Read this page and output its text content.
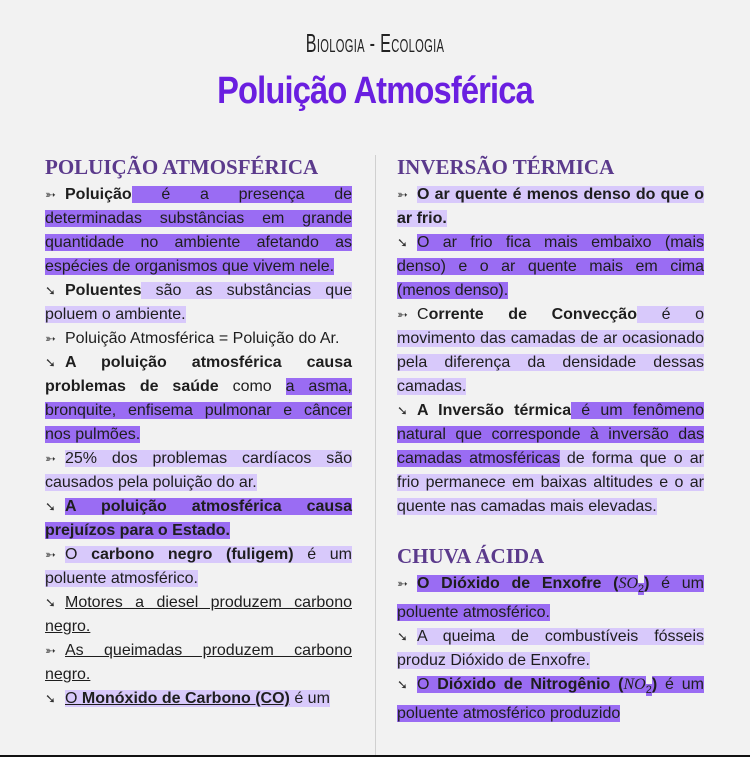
Biologia - Ecologia
Poluição Atmosférica
POLUIÇÃO ATMOSFÉRICA

➳ Poluição é a presença de determinadas substâncias em grande quantidade no ambiente afetando as espécies de organismos que vivem nele.

➘ Poluentes são as substâncias que poluem o ambiente.

➳ Poluição Atmosférica = Poluição do Ar.

➘ A poluição atmosférica causa problemas de saúde como a asma, bronquite, enfisema pulmonar e câncer nos pulmões.

➳ 25% dos problemas cardíacos são causados pela poluição do ar.

➘ A poluição atmosférica causa prejuízos para o Estado.

➳ O carbono negro (fuligem) é um poluente atmosférico.

➘ Motores a diesel produzem carbono negro.

➳ As queimadas produzem carbono negro.

➘ O Monóxido de Carbono (CO) é um

INVERSÃO TÉRMICA

➳ O ar quente é menos denso do que o ar frio.

➘ O ar frio fica mais embaixo (mais denso) e o ar quente mais em cima (menos denso).

➳ Corrente de Convecção é o movimento das camadas de ar ocasionado pela diferença da densidade dessas camadas.

➘ A Inversão térmica é um fenômeno natural que corresponde à inversão das camadas atmosféricas de forma que o ar frio permanece em baixas altitudes e o ar quente nas camadas mais elevadas.

CHUVA ÁCIDA

➳ O Dióxido de Enxofre $(SO_2)$ é um poluente atmosférico.

➘ A queima de combustíveis fósseis produz Dióxido de Enxofre.

➘ O Dióxido de Nitrogênio $(NO_2)$ é um poluente atmosférico produzido
